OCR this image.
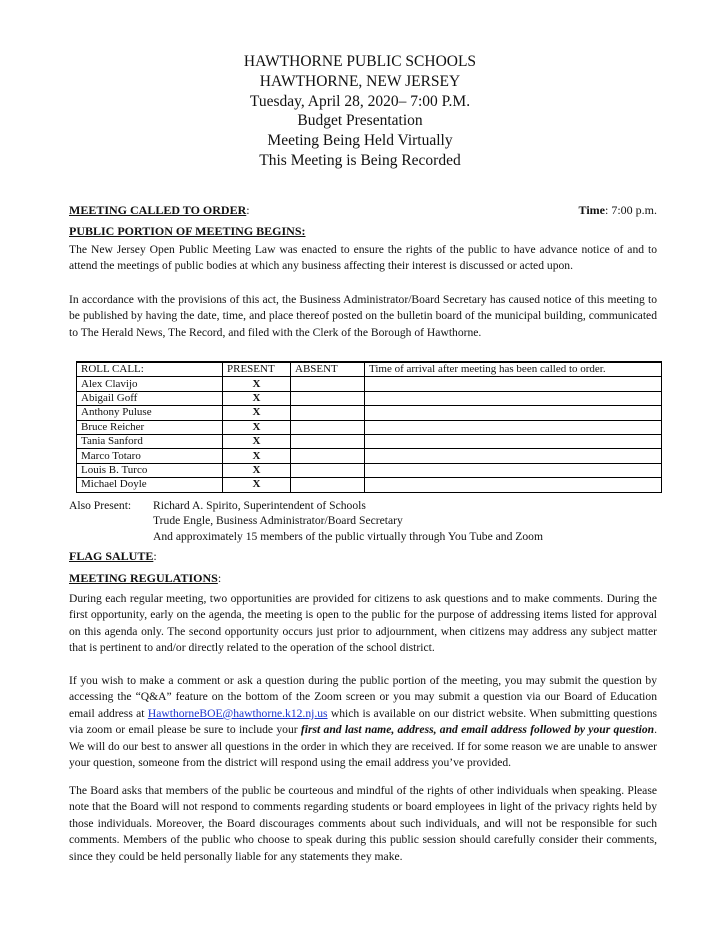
HAWTHORNE PUBLIC SCHOOLS
HAWTHORNE, NEW JERSEY
Tuesday, April 28, 2020– 7:00 P.M.
Budget Presentation
Meeting Being Held Virtually
This Meeting is Being Recorded
MEETING CALLED TO ORDER:	Time: 7:00 p.m.
PUBLIC PORTION OF MEETING BEGINS:
The New Jersey Open Public Meeting Law was enacted to ensure the rights of the public to have advance notice of and to attend the meetings of public bodies at which any business affecting their interest is discussed or acted upon.
In accordance with the provisions of this act, the Business Administrator/Board Secretary has caused notice of this meeting to be published by having the date, time, and place thereof posted on the bulletin board of the municipal building, communicated to The Herald News, The Record, and filed with the Clerk of the Borough of Hawthorne.
ROLL CALL:	PRESENT	ABSENT	Time of arrival after meeting has been called to order.
Alex Clavijo	X		
Abigail Goff	X		
Anthony Puluse	X		
Bruce Reicher	X		
Tania Sanford	X		
Marco Totaro	X		
Louis B. Turco	X		
Michael Doyle	X		
Also Present:	Richard A. Spirito, Superintendent of Schools
Trude Engle, Business Administrator/Board Secretary
And approximately 15 members of the public virtually through You Tube and Zoom
FLAG SALUTE:
MEETING REGULATIONS:
During each regular meeting, two opportunities are provided for citizens to ask questions and to make comments. During the first opportunity, early on the agenda, the meeting is open to the public for the purpose of addressing items listed for approval on this agenda only. The second opportunity occurs just prior to adjournment, when citizens may address any subject matter that is pertinent to and/or directly related to the operation of the school district.
If you wish to make a comment or ask a question during the public portion of the meeting, you may submit the question by accessing the “Q&A” feature on the bottom of the Zoom screen or you may submit a question via our Board of Education email address at HawthorneBOE@hawthorne.k12.nj.us which is available on our district website. When submitting questions via zoom or email please be sure to include your first and last name, address, and email address followed by your question. We will do our best to answer all questions in the order in which they are received. If for some reason we are unable to answer your question, someone from the district will respond using the email address you’ve provided.
The Board asks that members of the public be courteous and mindful of the rights of other individuals when speaking. Please note that the Board will not respond to comments regarding students or board employees in light of the privacy rights held by those individuals. Moreover, the Board discourages comments about such individuals, and will not be responsible for such comments. Members of the public who choose to speak during this public session should carefully consider their comments, since they could be held personally liable for any statements they make.
